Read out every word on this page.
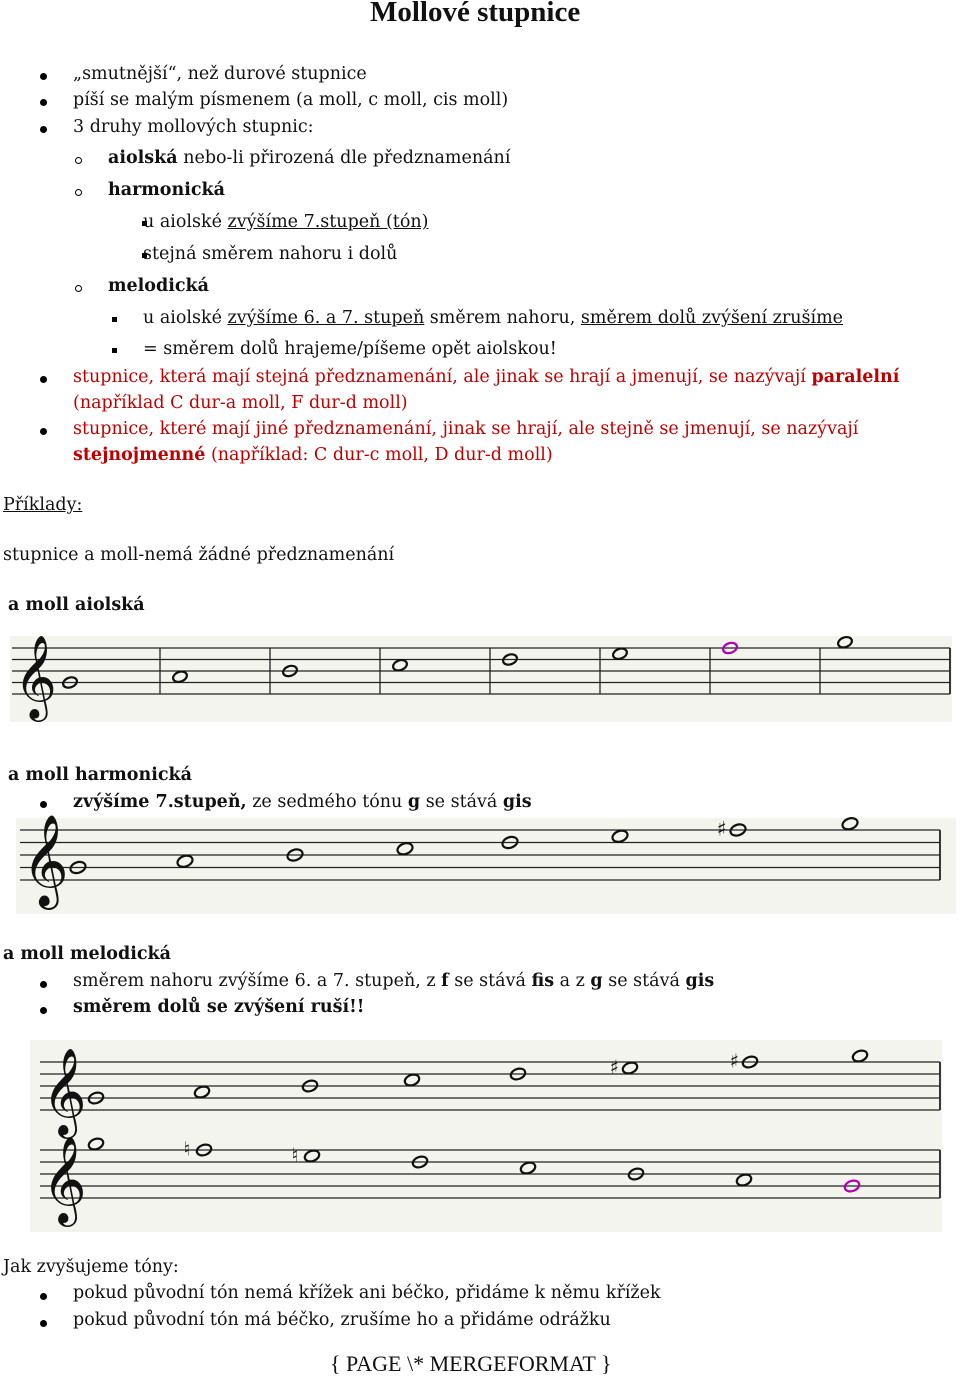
Mollové stupnice
„smutnější“, než durové stupnice
píší se malým písmenem (a moll, c moll, cis moll)
3 druhy mollových stupnic:
aiolská nebo-li přirozená dle předznamenání
harmonická
u aiolské zvýšíme 7.stupeň (tón)
stejná směrem nahoru i dolů
melodická
u aiolské zvýšíme 6. a 7. stupeň směrem nahoru, směrem dolů zvýšení zrušíme
= směrem dolů hrajeme/píšeme opět aiolskou!
stupnice, která mají stejná předznamenání, ale jinak se hrají a jmenují, se nazývají paralelní
(například C dur-a moll, F dur-d moll)
stupnice, které mají jiné předznamenání, jinak se hrají, ale stejně se jmenují, se nazývají
stejnojmenné (například: C dur-c moll, D dur-d moll)
Příklady:
stupnice a moll-nemá žádné předznamenání
a moll aiolská
a moll harmonická
zvýšíme 7.stupeň, ze sedmého tónu g se stává gis
a moll melodická
směrem nahoru zvýšíme 6. a 7. stupeň, z f se stává fis a z g se stává gis
směrem dolů se zvýšení ruší!!
Jak zvyšujeme tóny:
pokud původní tón nemá křížek ani béčko, přidáme k němu křížek
pokud původní tón má béčko, zrušíme ho a přidáme odrážku
{ PAGE \* MERGEFORMAT }
𝄞
𝄞	♯
𝄞	♯	♯
𝄞	♮	♮
